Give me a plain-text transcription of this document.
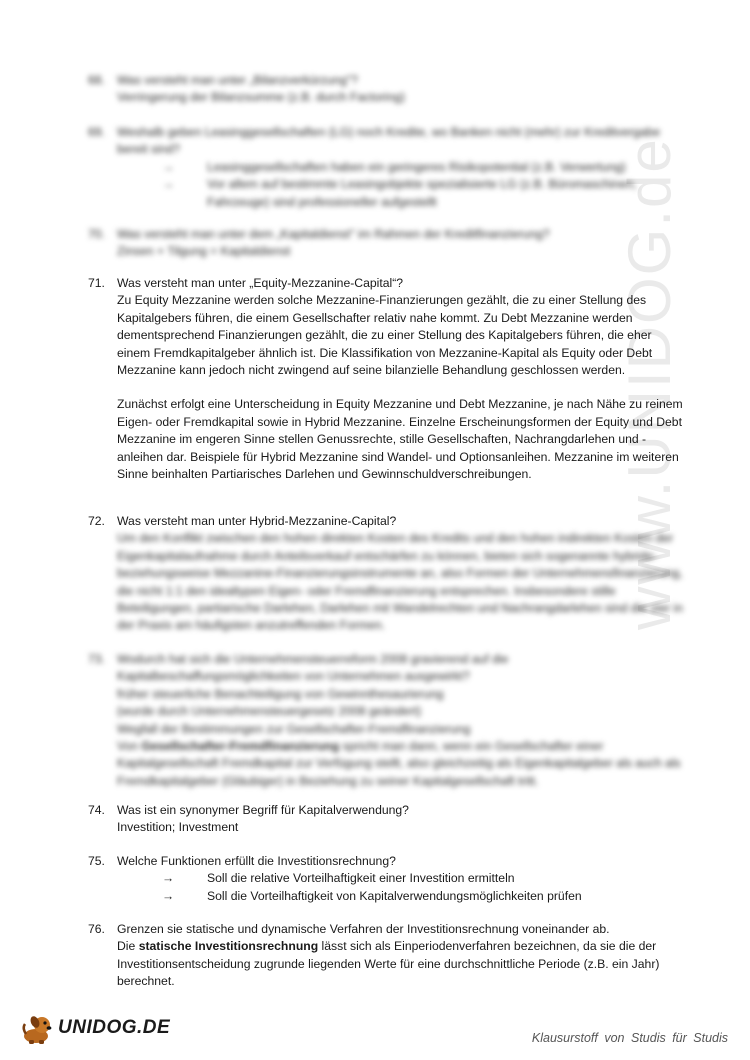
www.UNIDOG.de
68. Was versteht man unter „Bilanzverkürzung"?

Verringerung der Bilanzsumme (z.B. durch Factoring)

69. Weshalb geben Leasinggesellschaften (LG) noch Kredite, wo Banken nicht (mehr) zur Kreditvergabe bereit sind?

→	Leasinggesellschaften haben ein geringeres Risikopotential (z.B. Verwertung)
→	Vor allem auf bestimmte Leasingobjekte spezialisierte LG (z.B. Büromaschinen, Fahrzeuge) sind professioneller aufgestellt
70. Was versteht man unter dem „Kapitaldienst" im Rahmen der Kreditfinanzierung?

Zinsen + Tilgung = Kapitaldienst

71. Was versteht man unter „Equity-Mezzanine-Capital“?

Zu Equity Mezzanine werden solche Mezzanine-Finanzierungen gezählt, die zu einer Stellung des Kapitalgebers führen, die einem Gesellschafter relativ nahe kommt. Zu Debt Mezzanine werden dementsprechend Finanzierungen gezählt, die zu einer Stellung des Kapitalgebers führen, die eher einem Fremdkapitalgeber ähnlich ist. Die Klassifikation von Mezzanine-Kapital als Equity oder Debt Mezzanine kann jedoch nicht zwingend auf seine bilanzielle Behandlung geschlossen werden.

Zunächst erfolgt eine Unterscheidung in Equity Mezzanine und Debt Mezzanine, je nach Nähe zu reinem Eigen- oder Fremdkapital sowie in Hybrid Mezzanine. Einzelne Erscheinungsformen der Equity und Debt Mezzanine im engeren Sinne stellen Genussrechte, stille Gesellschaften, Nachrangdarlehen und -anleihen dar. Beispiele für Hybrid Mezzanine sind Wandel- und Optionsanleihen. Mezzanine im weiteren Sinne beinhalten Partiarisches Darlehen und Gewinnschuldverschreibungen.

72. Was versteht man unter Hybrid-Mezzanine-Capital?

Um den Konflikt zwischen den hohen direkten Kosten des Kredits und den hohen indirekten Kosten der Eigenkapitalaufnahme durch Anteilsverkauf entschärfen zu können, bieten sich sogenannte hybride- beziehungsweise Mezzanine-Finanzierungsinstrumente an, also Formen der Unternehmensfinanzierung, die nicht 1:1 den idealtypen Eigen- oder Fremdfinanzierung entsprechen. Insbesondere stille Beteiligungen, partiarische Darlehen, Darlehen mit Wandelrechten und Nachrangdarlehen sind die vier in der Praxis am häufigsten anzutreffenden Formen.

73. Wodurch hat sich die Unternehmensteuerreform 2008 gravierend auf die Kapitalbeschaffungsmöglichkeiten von Unternehmen ausgewirkt?

früher steuerliche Benachteiligung von Gewinnthesaurierung

(wurde durch Unternehmensteuergesetz 2008 geändert)

Wegfall der Bestimmungen zur Gesellschafter-Fremdfinanzierung

Von Gesellschafter-Fremdfinanzierung spricht man dann, wenn ein Gesellschafter einer Kapitalgesellschaft Fremdkapital zur Verfügung stellt, also gleichzeitig als Eigenkapitalgeber als auch als Fremdkapitalgeber (Gläubiger) in Beziehung zu seiner Kapitalgesellschaft tritt.

74. Was ist ein synonymer Begriff für Kapitalverwendung?

Investition; Investment

75. Welche Funktionen erfüllt die Investitionsrechnung?

→	Soll die relative Vorteilhaftigkeit einer Investition ermitteln
→	Soll die Vorteilhaftigkeit von Kapitalverwendungsmöglichkeiten prüfen
76. Grenzen sie statische und dynamische Verfahren der Investitionsrechnung voneinander ab.

Die statische Investitionsrechnung lässt sich als Einperiodenverfahren bezeichnen, da sie die der Investitionsentscheidung zugrunde liegenden Werte für eine durchschnittliche Periode (z.B. ein Jahr) berechnet.

UNIDOG.DE	Klausurstoff von Studis für Studis
